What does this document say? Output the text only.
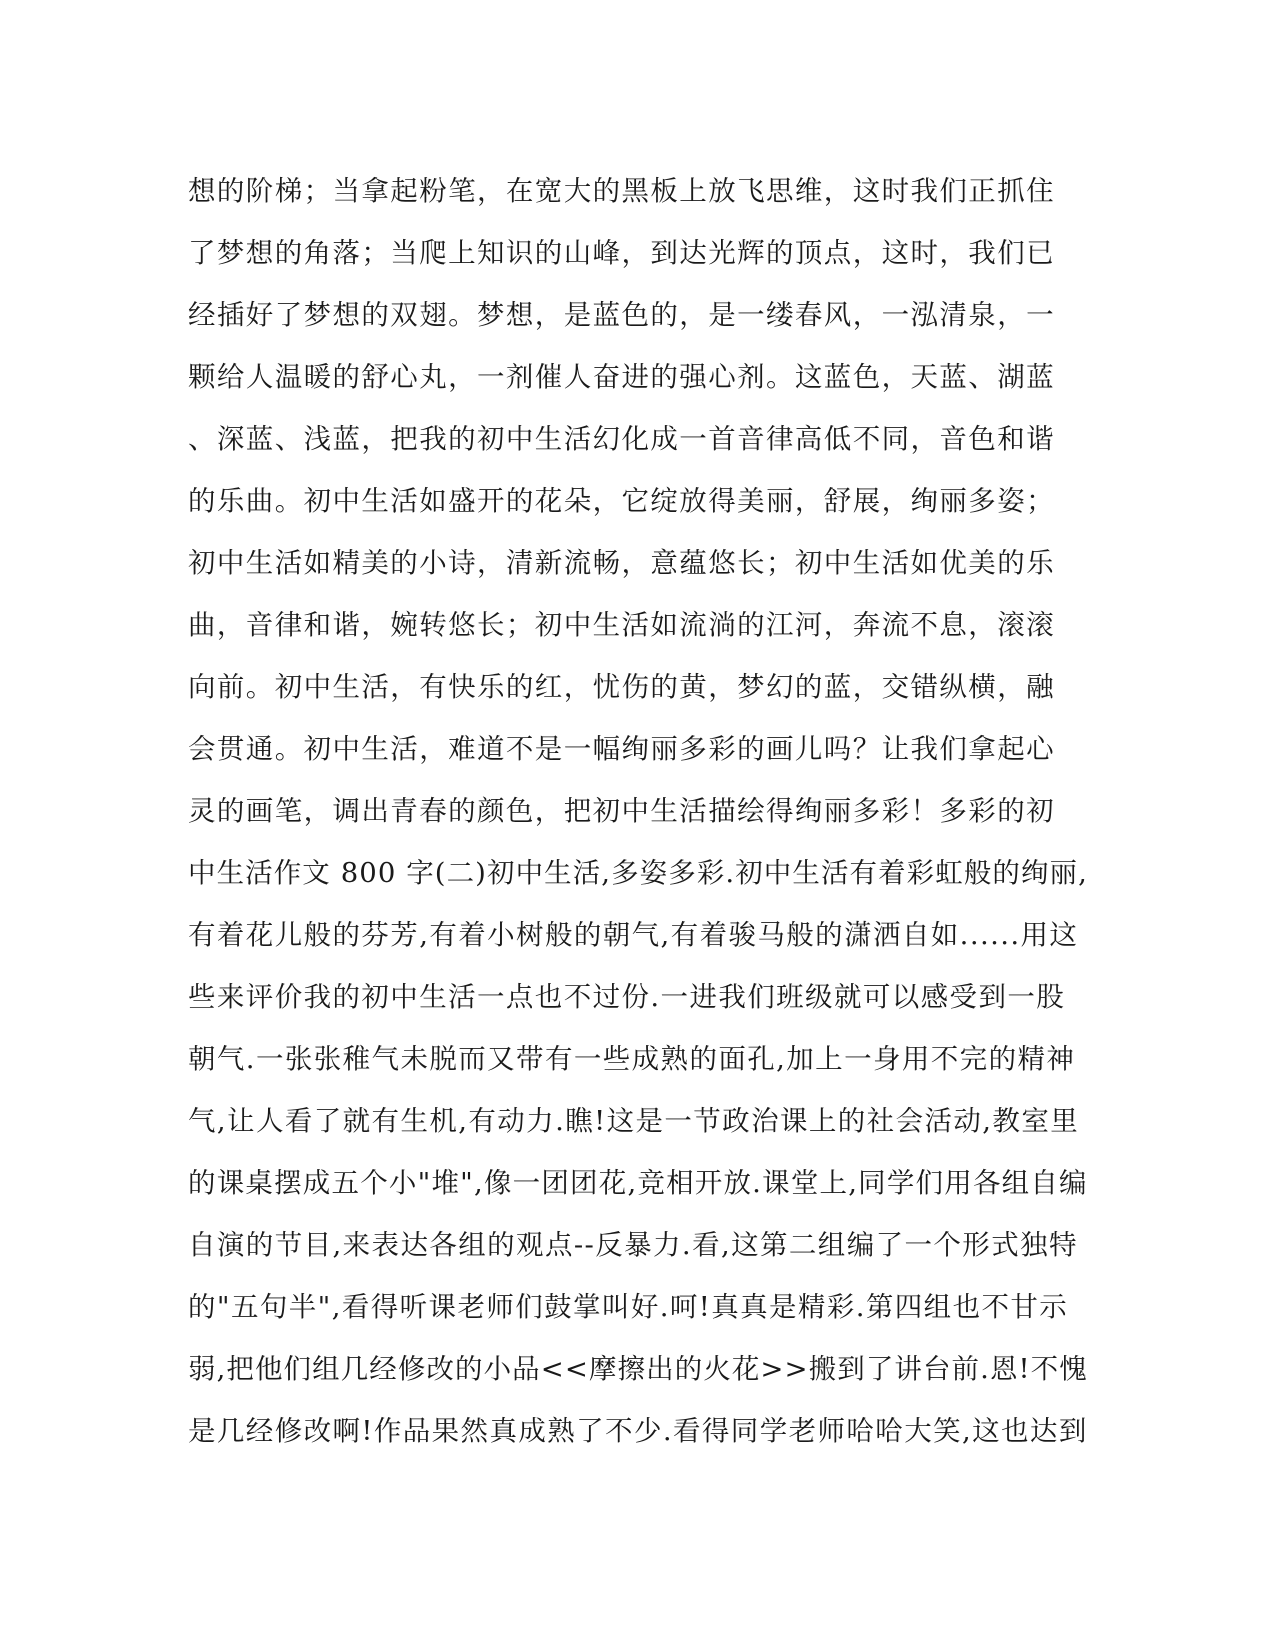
想的阶梯；当拿起粉笔，在宽大的黑板上放飞思维，这时我们正抓住
了梦想的角落；当爬上知识的山峰，到达光辉的顶点，这时，我们已
经插好了梦想的双翅。梦想，是蓝色的，是一缕春风，一泓清泉，一
颗给人温暖的舒心丸，一剂催人奋进的强心剂。这蓝色，天蓝、湖蓝
、深蓝、浅蓝，把我的初中生活幻化成一首音律高低不同，音色和谐
的乐曲。初中生活如盛开的花朵，它绽放得美丽，舒展，绚丽多姿；
初中生活如精美的小诗，清新流畅，意蕴悠长；初中生活如优美的乐
曲，音律和谐，婉转悠长；初中生活如流淌的江河，奔流不息，滚滚
向前。初中生活，有快乐的红，忧伤的黄，梦幻的蓝，交错纵横，融
会贯通。初中生活，难道不是一幅绚丽多彩的画儿吗？让我们拿起心
灵的画笔，调出青春的颜色，把初中生活描绘得绚丽多彩！多彩的初
中生活作文 800 字(二)初中生活,多姿多彩.初中生活有着彩虹般的绚丽,
有着花儿般的芬芳,有着小树般的朝气,有着骏马般的潇洒自如......用这
些来评价我的初中生活一点也不过份.一进我们班级就可以感受到一股
朝气.一张张稚气未脱而又带有一些成熟的面孔,加上一身用不完的精神
气,让人看了就有生机,有动力.瞧!这是一节政治课上的社会活动,教室里
的课桌摆成五个小"堆",像一团团花,竞相开放.课堂上,同学们用各组自编
自演的节目,来表达各组的观点--反暴力.看,这第二组编了一个形式独特
的"五句半",看得听课老师们鼓掌叫好.呵!真真是精彩.第四组也不甘示
弱,把他们组几经修改的小品<<摩擦出的火花>>搬到了讲台前.恩!不愧
是几经修改啊!作品果然真成熟了不少.看得同学老师哈哈大笑,这也达到
